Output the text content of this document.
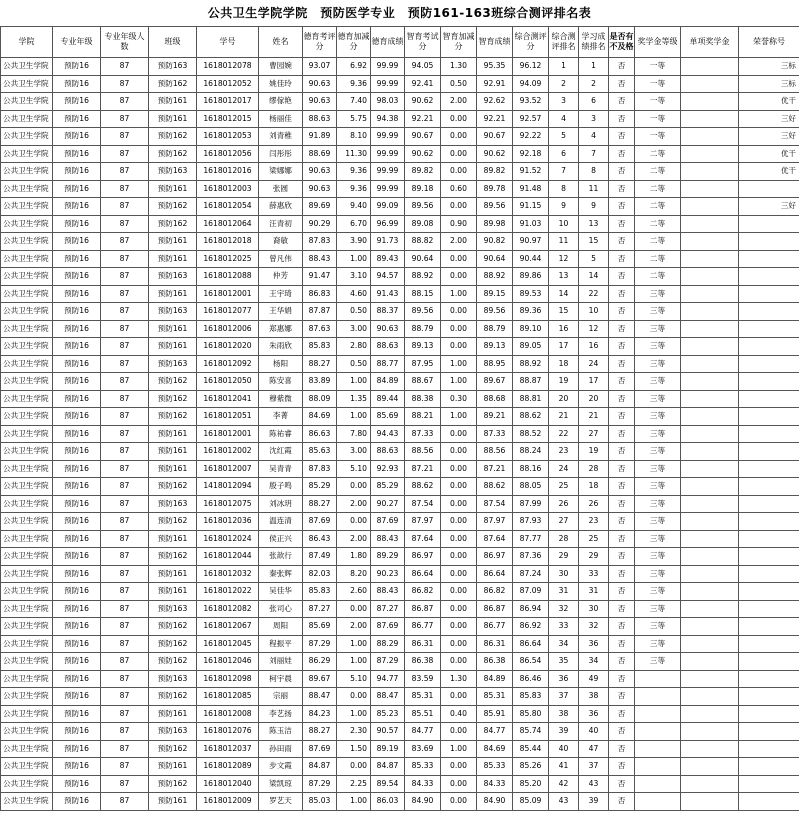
公共卫生学院学院　预防医学专业　预防161-163班综合测评排名表
学院	专业年级	专业年级人数	班级	学号	姓名	德育考评分	德育加减分	德育成绩	智育考试分	智育加减分	智育成绩	综合测评分	综合测评排名	学习成绩排名	是否有不及格	奖学金等级	单项奖学金	荣誉称号
公共卫生学院	预防16	87	预防163	1618012078	曹园婉	93.07	6.92	99.99	94.05	1.30	95.35	96.12	1	1	否	一等		三标
公共卫生学院	预防16	87	预防162	1618012052	姚佳玲	90.63	9.36	99.99	92.41	0.50	92.91	94.09	2	2	否	一等		三标
公共卫生学院	预防16	87	预防161	1618012017	缪傢艳	90.63	7.40	98.03	90.62	2.00	92.62	93.52	3	6	否	一等		优干
公共卫生学院	预防16	87	预防161	1618012015	杨丽佳	88.63	5.75	94.38	92.21	0.00	92.21	92.57	4	3	否	一等		三好
公共卫生学院	预防16	87	预防162	1618012053	刘青稚	91.89	8.10	99.99	90.67	0.00	90.67	92.22	5	4	否	一等		三好
公共卫生学院	预防16	87	预防162	1618012056	闫彤彤	88.69	11.30	99.99	90.62	0.00	90.62	92.18	6	7	否	二等		优干
公共卫生学院	预防16	87	预防163	1618012016	梁娜娜	90.63	9.36	99.99	89.82	0.00	89.82	91.52	7	8	否	二等		优干
公共卫生学院	预防16	87	预防161	1618012003	张圆	90.63	9.36	99.99	89.18	0.60	89.78	91.48	8	11	否	二等		
公共卫生学院	预防16	87	预防162	1618012054	薛惠欣	89.69	9.40	99.09	89.56	0.00	89.56	91.15	9	9	否	二等		三好
公共卫生学院	预防16	87	预防162	1618012064	汪青初	90.29	6.70	96.99	89.08	0.90	89.98	91.03	10	13	否	二等		
公共卫生学院	预防16	87	预防161	1618012018	裔敏	87.83	3.90	91.73	88.82	2.00	90.82	90.97	11	15	否	二等		
公共卫生学院	预防16	87	预防161	1618012025	曾凡伟	88.43	1.00	89.43	90.64	0.00	90.64	90.44	12	5	否	二等		
公共卫生学院	预防16	87	预防163	1618012088	仲芳	91.47	3.10	94.57	88.92	0.00	88.92	89.86	13	14	否	二等		
公共卫生学院	预防16	87	预防161	1618012001	王宇琦	86.83	4.60	91.43	88.15	1.00	89.15	89.53	14	22	否	三等		
公共卫生学院	预防16	87	预防163	1618012077	王华娟	87.87	0.50	88.37	89.56	0.00	89.56	89.36	15	10	否	三等		
公共卫生学院	预防16	87	预防161	1618012006	郑惠娜	87.63	3.00	90.63	88.79	0.00	88.79	89.10	16	12	否	三等		
公共卫生学院	预防16	87	预防161	1618012020	朱雨欣	85.83	2.80	88.63	89.13	0.00	89.13	89.05	17	16	否	三等		
公共卫生学院	预防16	87	预防163	1618012092	杨阳	88.27	0.50	88.77	87.95	1.00	88.95	88.92	18	24	否	三等		
公共卫生学院	预防16	87	预防162	1618012050	陈安喜	83.89	1.00	84.89	88.67	1.00	89.67	88.87	19	17	否	三等		
公共卫生学院	预防16	87	预防162	1618012041	穆紫微	88.09	1.35	89.44	88.38	0.30	88.68	88.81	20	20	否	三等		
公共卫生学院	预防16	87	预防162	1618012051	李菁	84.69	1.00	85.69	88.21	1.00	89.21	88.62	21	21	否	三等		
公共卫生学院	预防16	87	预防161	1618012001	陈祐睿	86.63	7.80	94.43	87.33	0.00	87.33	88.52	22	27	否	三等		
公共卫生学院	预防16	87	预防161	1618012002	沈红霞	85.63	3.00	88.63	88.56	0.00	88.56	88.24	23	19	否	三等		
公共卫生学院	预防16	87	预防161	1618012007	吴青青	87.83	5.10	92.93	87.21	0.00	87.21	88.16	24	28	否	三等		
公共卫生学院	预防16	87	预防162	1418012094	殷子鸣	85.29	0.00	85.29	88.62	0.00	88.62	88.05	25	18	否	三等		
公共卫生学院	预防16	87	预防163	1618012075	刘冰玥	88.27	2.00	90.27	87.54	0.00	87.54	87.99	26	26	否	三等		
公共卫生学院	预防16	87	预防162	1618012036	温连清	87.69	0.00	87.69	87.97	0.00	87.97	87.93	27	23	否	三等		
公共卫生学院	预防16	87	预防161	1618012024	侯正兴	86.43	2.00	88.43	87.64	0.00	87.64	87.77	28	25	否	三等		
公共卫生学院	预防16	87	预防162	1618012044	张歆行	87.49	1.80	89.29	86.97	0.00	86.97	87.36	29	29	否	三等		
公共卫生学院	预防16	87	预防161	1618012032	秦张辉	82.03	8.20	90.23	86.64	0.00	86.64	87.24	30	33	否	三等		
公共卫生学院	预防16	87	预防161	1618012022	吴佳华	85.83	2.60	88.43	86.82	0.00	86.82	87.09	31	31	否	三等		
公共卫生学院	预防16	87	预防163	1618012082	张司心	87.27	0.00	87.27	86.87	0.00	86.87	86.94	32	30	否	三等		
公共卫生学院	预防16	87	预防162	1618012067	周阳	85.69	2.00	87.69	86.77	0.00	86.77	86.92	33	32	否	三等		
公共卫生学院	预防16	87	预防162	1618012045	程振平	87.29	1.00	88.29	86.31	0.00	86.31	86.64	34	36	否	三等		
公共卫生学院	预防16	87	预防162	1618012046	刘丽娃	86.29	1.00	87.29	86.38	0.00	86.38	86.54	35	34	否	三等		
公共卫生学院	预防16	87	预防163	1618012098	柯宇晨	89.67	5.10	94.77	83.59	1.30	84.89	86.46	36	49	否			
公共卫生学院	预防16	87	预防162	1618012085	宗丽	88.47	0.00	88.47	85.31	0.00	85.31	85.83	37	38	否			
公共卫生学院	预防16	87	预防161	1618012008	李艺扬	84.23	1.00	85.23	85.51	0.40	85.91	85.80	38	36	否			
公共卫生学院	预防16	87	预防163	1618012076	陈玉洁	88.27	2.30	90.57	84.77	0.00	84.77	85.74	39	40	否			
公共卫生学院	预防16	87	预防162	1618012037	孙田雨	87.69	1.50	89.19	83.69	1.00	84.69	85.44	40	47	否			
公共卫生学院	预防16	87	预防161	1618012089	步文霞	84.87	0.00	84.87	85.33	0.00	85.33	85.26	41	37	否			
公共卫生学院	预防16	87	预防162	1618012040	梁凯琼	87.29	2.25	89.54	84.33	0.00	84.33	85.20	42	43	否			
公共卫生学院	预防16	87	预防161	1618012009	罗艺天	85.03	1.00	86.03	84.90	0.00	84.90	85.09	43	39	否			
